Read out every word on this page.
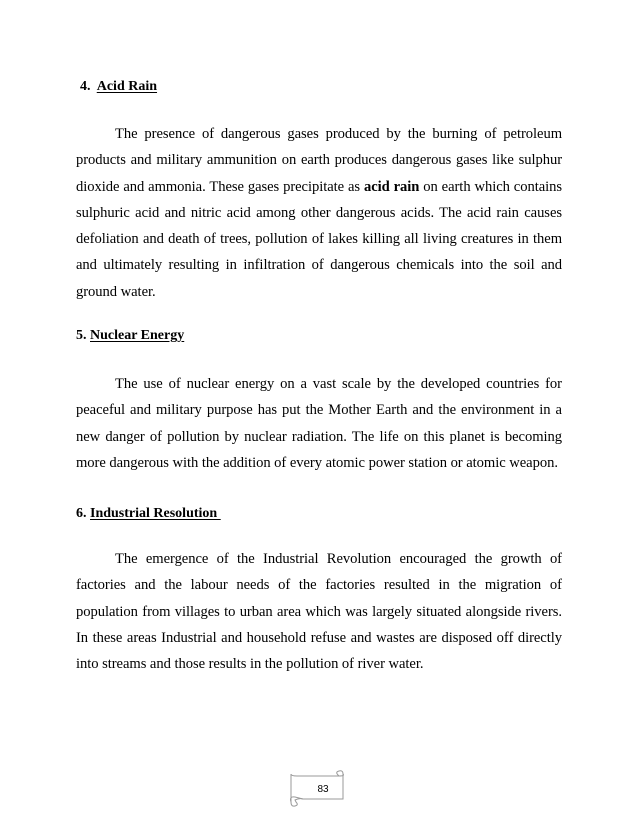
4. Acid Rain

The presence of dangerous gases produced by the burning of petroleum products and military ammunition on earth produces dangerous gases like sulphur dioxide and ammonia. These gases precipitate as acid rain on earth which contains sulphuric acid and nitric acid among other dangerous acids. The acid rain causes defoliation and death of trees, pollution of lakes killing all living creatures in them and ultimately resulting in infiltration of dangerous chemicals into the soil and ground water.

5. Nuclear Energy

The use of nuclear energy on a vast scale by the developed countries for peaceful and military purpose has put the Mother Earth and the environment in a new danger of pollution by nuclear radiation. The life on this planet is becoming more dangerous with the addition of every atomic power station or atomic weapon.

6. Industrial Resolution

The emergence of the Industrial Revolution encouraged the growth of factories and the labour needs of the factories resulted in the migration of population from villages to urban area which was largely situated alongside rivers. In these areas Industrial and household refuse and wastes are disposed off directly into streams and those results in the pollution of river water.

83
